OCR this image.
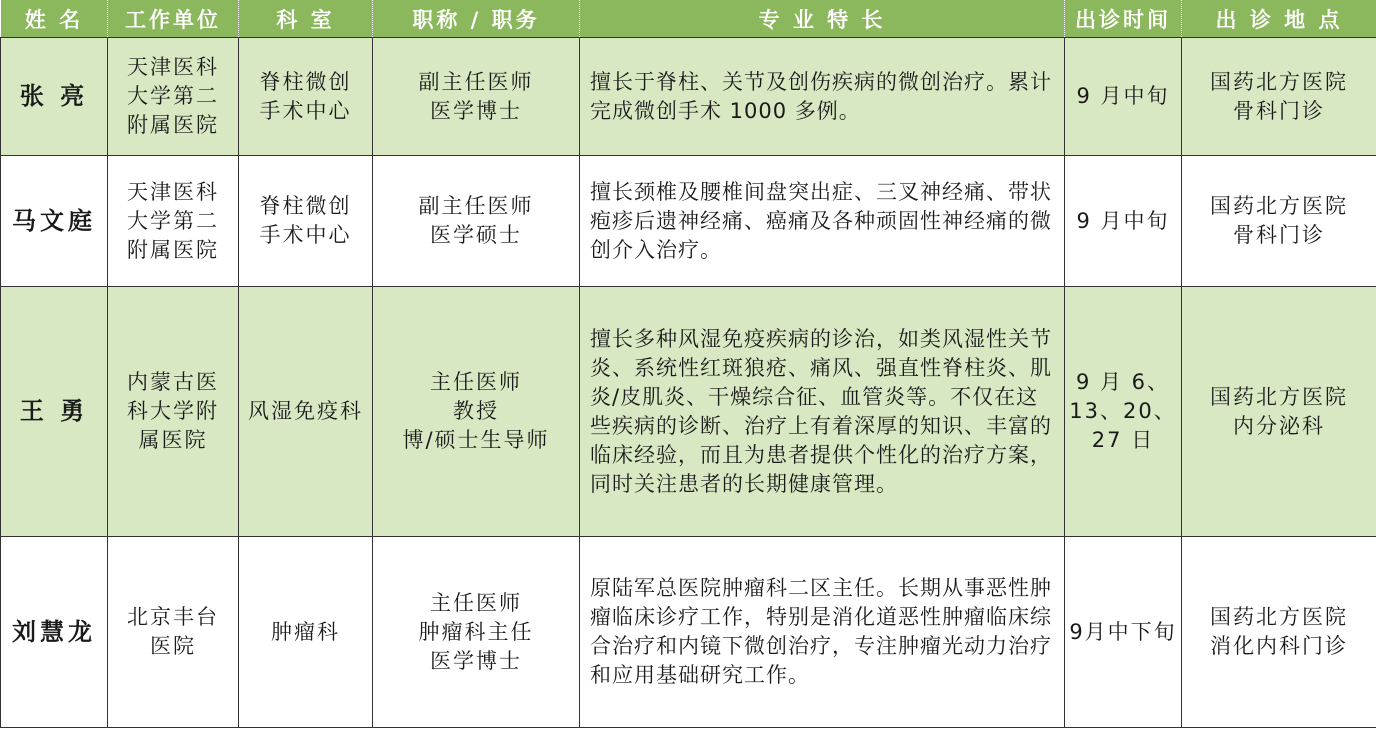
姓 名	工作单位	科 室	职称 / 职务	专 业 特 长	出诊时间	出 诊 地 点
张 亮	天津医科
大学第二
附属医院	脊柱微创
手术中心	副主任医师
医学博士	擅长于脊柱、关节及创伤疾病的微创治疗。累计完成微创手术 1000 多例。	9 月中旬	国药北方医院
骨科门诊
马文庭	天津医科
大学第二
附属医院	脊柱微创
手术中心	副主任医师
医学硕士	擅长颈椎及腰椎间盘突出症、三叉神经痛、带状疱疹后遗神经痛、癌痛及各种顽固性神经痛的微创介入治疗。	9 月中旬	国药北方医院
骨科门诊
王 勇	内蒙古医
科大学附
属医院	风湿免疫科	主任医师
教授
博/硕士生导师	擅长多种风湿免疫疾病的诊治，如类风湿性关节炎、系统性红斑狼疮、痛风、强直性脊柱炎、肌炎/皮肌炎、干燥综合征、血管炎等。不仅在这些疾病的诊断、治疗上有着深厚的知识、丰富的临床经验，而且为患者提供个性化的治疗方案，同时关注患者的长期健康管理。	9 月 6、
13、20、
27 日	国药北方医院
内分泌科
刘慧龙	北京丰台
医院	肿瘤科	主任医师
肿瘤科主任
医学博士	原陆军总医院肿瘤科二区主任。长期从事恶性肿瘤临床诊疗工作，特别是消化道恶性肿瘤临床综合治疗和内镜下微创治疗，专注肿瘤光动力治疗和应用基础研究工作。	9月中下旬	国药北方医院
消化内科门诊
